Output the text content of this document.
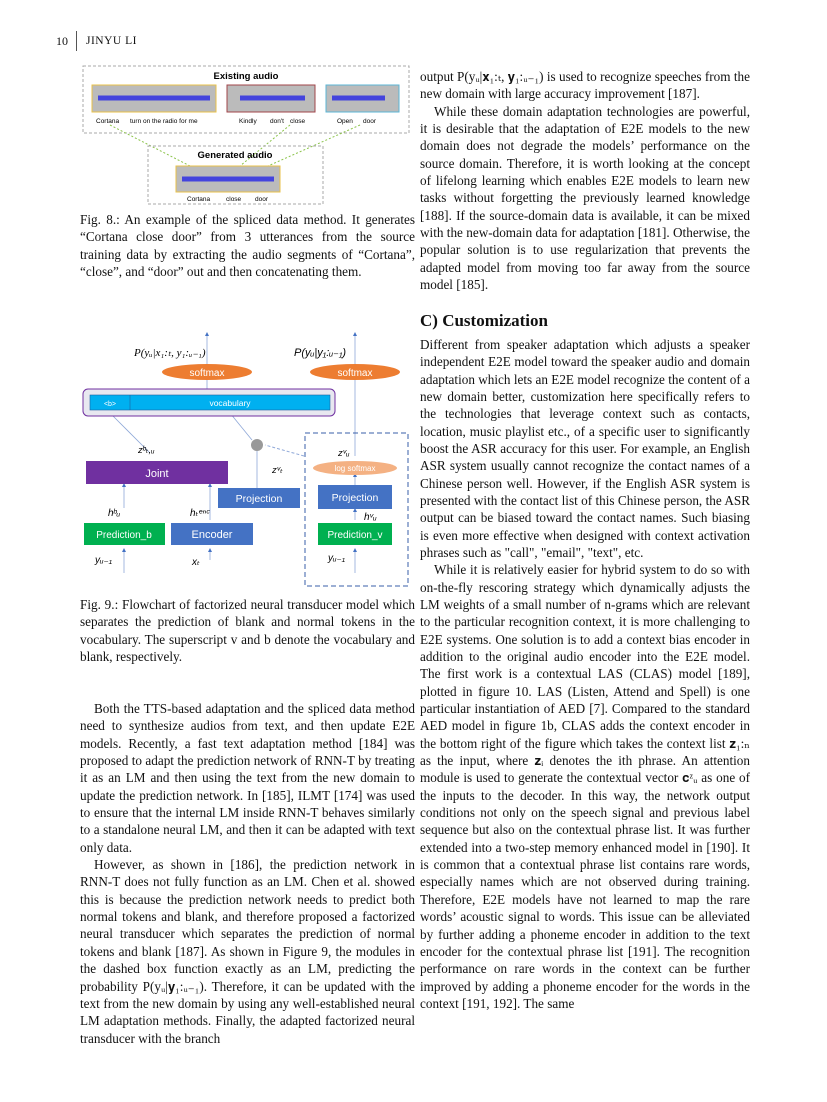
10	JINYU LI
Existing audio
Cortana turn on the radio for me	Kindly don't close	Open door
Generated audio
Cortana close door

Fig. 8.: An example of the spliced data method. It generates “Cortana close door” from 3 utterances from the source training data by extracting the audio segments of “Cortana”, “close”, and “door” out and then concatenating them.

P(yᵤ|x₁:ₜ, y₁:ᵤ₋₁)	P(yᵤ|y₁:ᵤ₋₁)
softmax	softmax
<b>	vocabulary
zᵇₜ,ᵤ
zᵛₜ
zᵛᵤ
Joint	log softmax
Projection	Projection
hᵇᵤ	hₜᵉⁿᶜ	hᵛᵤ
Prediction_b	Encoder	Prediction_v
yᵤ₋₁	xₜ	yᵤ₋₁

Fig. 9.: Flowchart of factorized neural transducer model which separates the prediction of blank and normal tokens in the vocabulary. The superscript v and b denote the vocabulary and blank, respectively.

Both the TTS-based adaptation and the spliced data method need to synthesize audios from text, and then update E2E models. Recently, a fast text adaptation method [184] was proposed to adapt the prediction network of RNN-T by treating it as an LM and then using the text from the new domain to update the prediction network. In [185], ILMT [174] was used to ensure that the internal LM inside RNN-T behaves similarly to a standalone neural LM, and then it can be adapted with text only data.

However, as shown in [186], the prediction network in RNN-T does not fully function as an LM. Chen et al. showed this is because the prediction network needs to predict both normal tokens and blank, and therefore proposed a factorized neural transducer which separates the prediction of normal tokens and blank [187]. As shown in Figure 9, the modules in the dashed box function exactly as an LM, predicting the probability P(yᵤ|𝐲₁:ᵤ₋₁). Therefore, it can be updated with the text from the new domain by using any well-established neural LM adaptation methods. Finally, the adapted factorized neural transducer with the branch

output P(yᵤ|𝐱₁:ₜ, 𝐲₁:ᵤ₋₁) is used to recognize speeches from the new domain with large accuracy improvement [187].

While these domain adaptation technologies are powerful, it is desirable that the adaptation of E2E models to the new domain does not degrade the models’ performance on the source domain. Therefore, it is worth looking at the concept of lifelong learning which enables E2E models to learn new tasks without forgetting the previously learned knowledge [188]. If the source-domain data is available, it can be mixed with the new-domain data for adaptation [181]. Otherwise, the popular solution is to use regularization that prevents the adapted model from moving too far away from the source model [185].

C) Customization

Different from speaker adaptation which adjusts a speaker independent E2E model toward the speaker audio and domain adaptation which lets an E2E model recognize the content of a new domain better, customization here specifically refers to the technologies that leverage context such as contacts, location, music playlist etc., of a specific user to significantly boost the ASR accuracy for this user. For example, an English ASR system usually cannot recognize the contact names of a Chinese person well. However, if the English ASR system is presented with the contact list of this Chinese person, the ASR output can be biased toward the contact names. Such biasing is even more effective when designed with context activation phrases such as "call", "email", "text", etc.

While it is relatively easier for hybrid system to do so with on-the-fly rescoring strategy which dynamically adjusts the LM weights of a small number of n-grams which are relevant to the particular recognition context, it is more challenging to E2E systems. One solution is to add a context bias encoder in addition to the original audio encoder into the E2E model. The first work is a contextual LAS (CLAS) model [189], plotted in figure 10. LAS (Listen, Attend and Spell) is one particular instantiation of AED [7]. Compared to the standard AED model in figure 1b, CLAS adds the context encoder in the bottom right of the figure which takes the context list 𝐳₁:ₙ as the input, where 𝐳ᵢ denotes the ith phrase. An attention module is used to generate the contextual vector 𝐜ᶻᵤ as one of the inputs to the decoder. In this way, the network output conditions not only on the speech signal and previous label sequence but also on the contextual phrase list. It was further extended into a two-step memory enhanced model in [190]. It is common that a contextual phrase list contains rare words, especially names which are not observed during training. Therefore, E2E models have not learned to map the rare words’ acoustic signal to words. This issue can be alleviated by further adding a phoneme encoder in addition to the text encoder for the contextual phrase list [191]. The recognition performance on rare words in the context can be further improved by adding a phoneme encoder for the words in the context [191, 192]. The same
